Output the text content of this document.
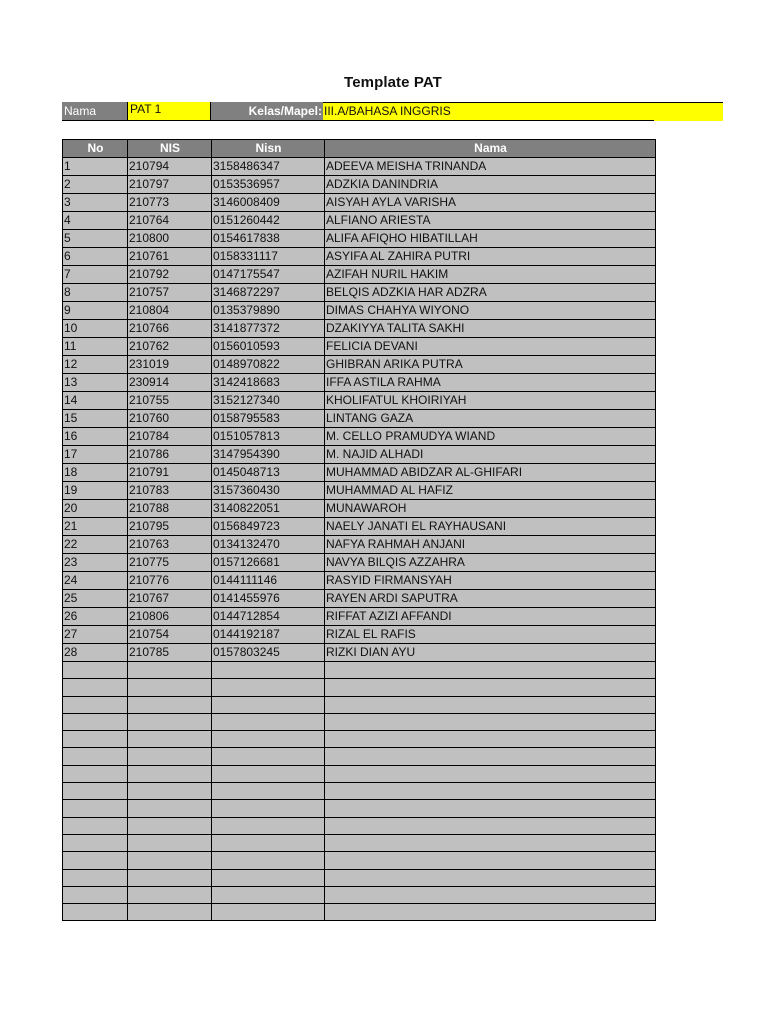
Template PAT
Nama	PAT 1	Kelas/Mapel: III.A/BAHASA INGGRIS
No	NIS	Nisn	Nama
1	210794	3158486347	ADEEVA MEISHA TRINANDA
2	210797	0153536957	ADZKIA DANINDRIA
3	210773	3146008409	AISYAH AYLA VARISHA
4	210764	0151260442	ALFIANO ARIESTA
5	210800	0154617838	ALIFA AFIQHO HIBATILLAH
6	210761	0158331117	ASYIFA AL ZAHIRA PUTRI
7	210792	0147175547	AZIFAH NURIL HAKIM
8	210757	3146872297	BELQIS ADZKIA HAR ADZRA
9	210804	0135379890	DIMAS CHAHYA WIYONO
10	210766	3141877372	DZAKIYYA TALITA SAKHI
11	210762	0156010593	FELICIA DEVANI
12	231019	0148970822	GHIBRAN ARIKA PUTRA
13	230914	3142418683	IFFA ASTILA RAHMA
14	210755	3152127340	KHOLIFATUL KHOIRIYAH
15	210760	0158795583	LINTANG GAZA
16	210784	0151057813	M. CELLO PRAMUDYA WIAND
17	210786	3147954390	M. NAJID ALHADI
18	210791	0145048713	MUHAMMAD ABIDZAR AL-GHIFARI
19	210783	3157360430	MUHAMMAD AL HAFIZ
20	210788	3140822051	MUNAWAROH
21	210795	0156849723	NAELY JANATI EL RAYHAUSANI
22	210763	0134132470	NAFYA RAHMAH ANJANI
23	210775	0157126681	NAVYA BILQIS AZZAHRA
24	210776	0144111146	RASYID FIRMANSYAH
25	210767	0141455976	RAYEN ARDI SAPUTRA
26	210806	0144712854	RIFFAT AZIZI AFFANDI
27	210754	0144192187	RIZAL EL RAFIS
28	210785	0157803245	RIZKI DIAN AYU
